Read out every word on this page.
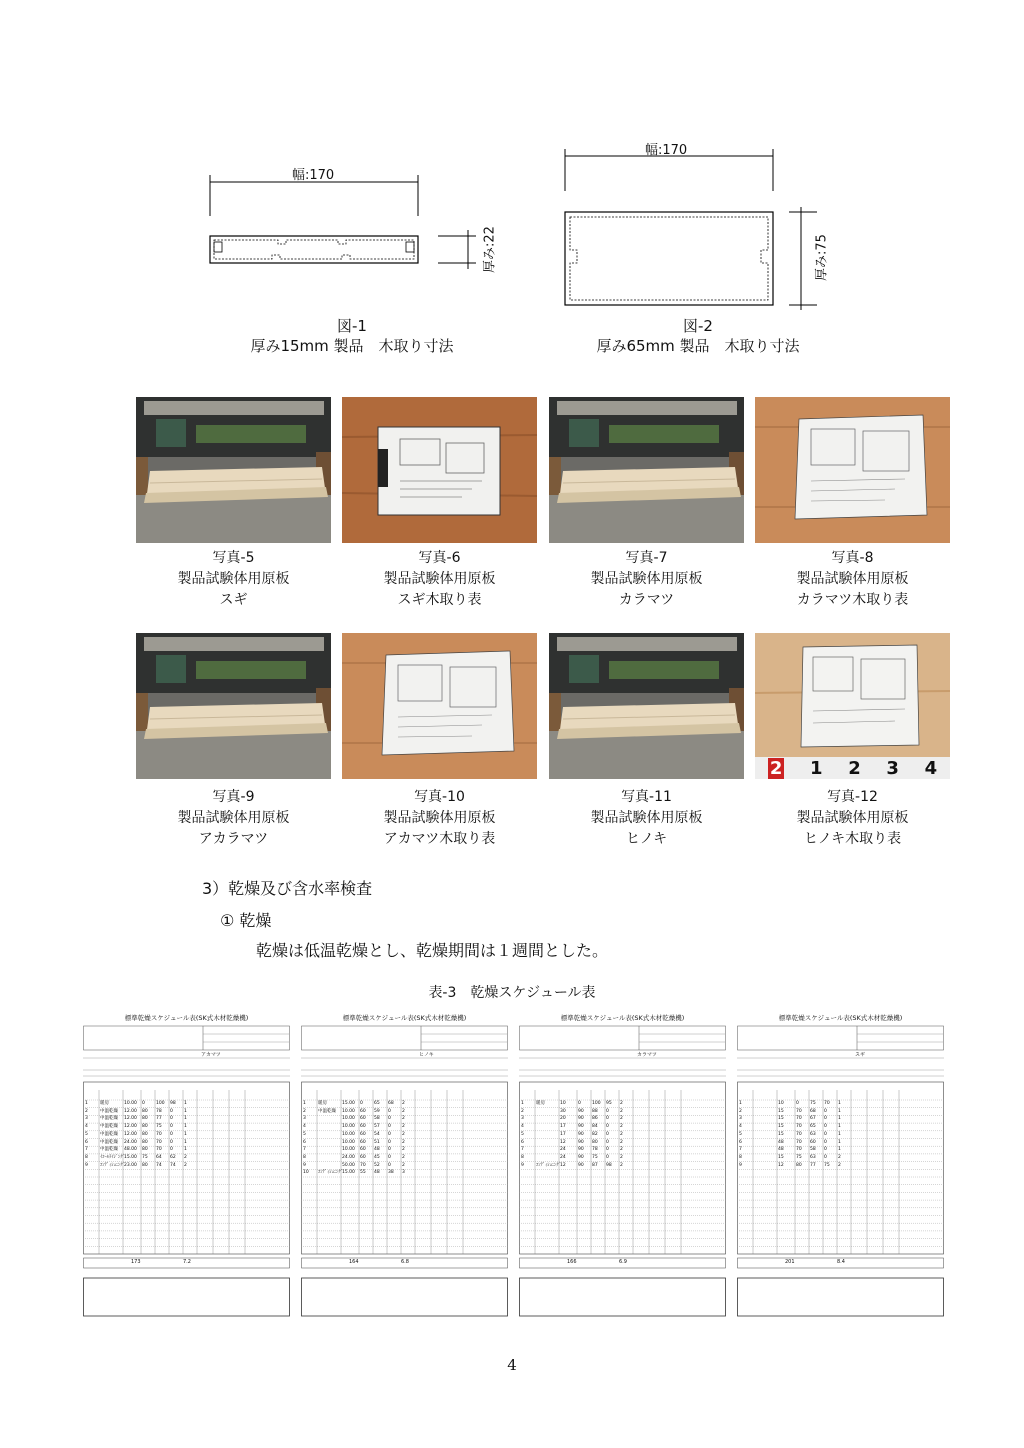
幅:170
厚み:22
図-1
厚み15mm 製品　木取り寸法
幅:170
厚み:75
図-2
厚み65mm 製品　木取り寸法
写真-5
製品試験体用原板
スギ
写真-6
製品試験体用原板
スギ木取り表
写真-7
製品試験体用原板
カラマツ
写真-8
製品試験体用原板
カラマツ木取り表
写真-9
製品試験体用原板
アカラマツ
写真-10
製品試験体用原板
アカマツ木取り表
写真-11
製品試験体用原板
ヒノキ
2 1 2 3 4
写真-12
製品試験体用原板
ヒノキ木取り表
3）乾燥及び含水率検査
① 乾燥
乾燥は低温乾燥とし、乾燥期間は１週間とした。
表-3　乾燥スケジュール表
標準乾燥スケジュール表(SK式木材乾燥機)
アカマツ
1	暖房	10.00 0 100 98 1
2	中温乾燥 12.00 80 78 0 1
3	中温乾燥 12.00 80 77 0 1
4	中温乾燥 12.00 80 75 0 1
5	中温乾燥 12.00 80 70 0 1
6	中温乾燥 24.00 80 70 0 1
7	中温乾燥 48.00 80 70 0 1
8	ｲｺｰﾙﾗｲｼﾞﾝｸﾞ 15.00 75 64 62 2
9	ｺﾝﾃﾞｨｼｮﾆﾝｸﾞ 23.00 80 74 74 2
173	7.2
標準乾燥スケジュール表(SK式木材乾燥機)
ヒノキ
1	暖房	15.00 0 65 68 2
2	中温乾燥 10.00 60 59 0 2
3	10.00 60 58 0 2
4	10.00 60 57 0 2
5	10.00 60 54 0 2
6	10.00 60 51 0 2
7	10.00 60 48 0 2
8	24.00 60 45 0 2
9	50.00 70 52 0 2
10 ｺﾝﾃﾞｨｼｮﾆﾝｸﾞ 15.00 55 48 38 3
164	6.8
標準乾燥スケジュール表(SK式木材乾燥機)
カラマツ
1	暖房	10	0 100 95 2
2	30	90 88 0 2
3	20	90 86 0 2
4	17	90 84 0 2
5	17	90 82 0 2
6	12	90 80 0 2
7	24	90 78 0 2
8	24	90 75 0 2
9	ｺﾝﾃﾞｨｼｮﾆﾝｸﾞ 12	90 87 98 2
166	6.9
標準乾燥スケジュール表(SK式木材乾燥機)
スギ
1	10	0 75 70 1
2	15	70 68 0 1
3	15	70 67 0 1
4	15	70 65 0 1
5	15	70 63 0 1
6	48	70 60 0 1
7	48	70 58 0 1
8	15	75 63 0 2
9	12	80 77 75 2
201	8.4
4
